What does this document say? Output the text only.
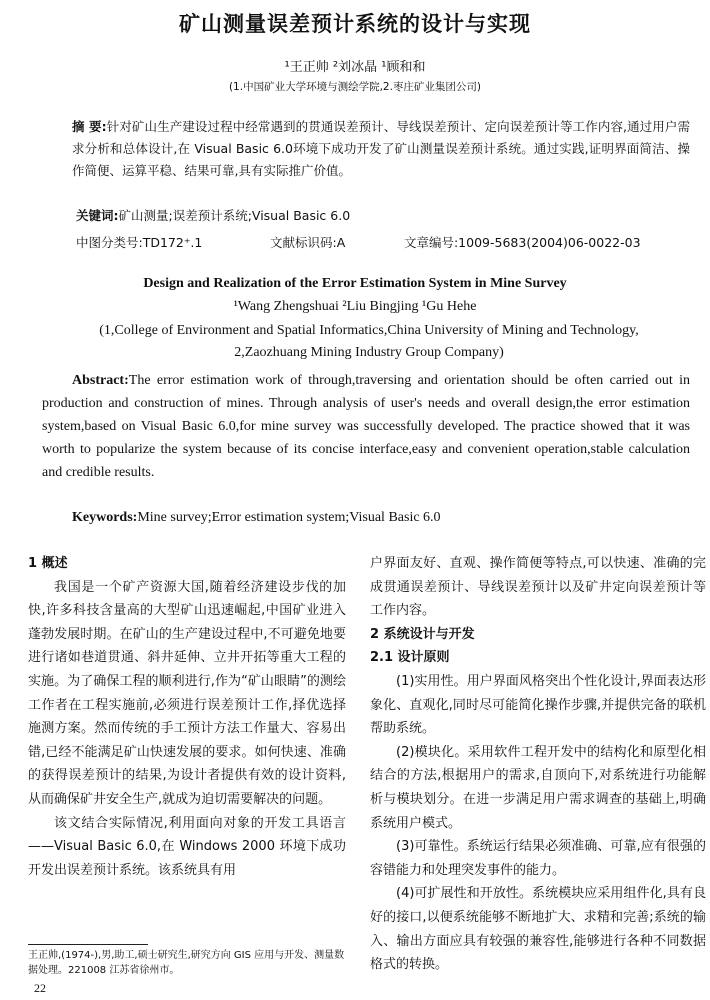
矿山测量误差预计系统的设计与实现
¹王正帅 ²刘冰晶 ¹顾和和
(1.中国矿业大学环境与测绘学院,2.枣庄矿业集团公司)
摘 要:针对矿山生产建设过程中经常遇到的贯通误差预计、导线误差预计、定向误差预计等工作内容,通过用户需求分析和总体设计,在 Visual Basic 6.0环境下成功开发了矿山测量误差预计系统。通过实践,证明界面简洁、操作简便、运算平稳、结果可靠,具有实际推广价值。
关键词:矿山测量;误差预计系统;Visual Basic 6.0
中图分类号:TD172⁺.1	文献标识码:A	文章编号:1009-5683(2004)06-0022-03
Design and Realization of the Error Estimation System in Mine Survey
¹Wang Zhengshuai ²Liu Bingjing ¹Gu Hehe
(1,College of Environment and Spatial Informatics,China University of Mining and Technology,
2,Zaozhuang Mining Industry Group Company)
Abstract:The error estimation work of through,traversing and orientation should be often carried out in production and construction of mines. Through analysis of user's needs and overall design,the error estimation system,based on Visual Basic 6.0,for mine survey was successfully developed. The practice showed that it was worth to popularize the system because of its concise interface,easy and convenient operation,stable calculation and credible results.
Keywords:Mine survey;Error estimation system;Visual Basic 6.0
1 概述

我国是一个矿产资源大国,随着经济建设步伐的加快,许多科技含量高的大型矿山迅速崛起,中国矿业进入蓬勃发展时期。在矿山的生产建设过程中,不可避免地要进行诸如巷道贯通、斜井延伸、立井开拓等重大工程的实施。为了确保工程的顺利进行,作为“矿山眼睛”的测绘工作者在工程实施前,必须进行误差预计工作,择优选择施测方案。然而传统的手工预计方法工作量大、容易出错,已经不能满足矿山快速发展的要求。如何快速、准确的获得误差预计的结果,为设计者提供有效的设计资料,从而确保矿井安全生产,就成为迫切需要解决的问题。

该文结合实际情况,利用面向对象的开发工具语言——Visual Basic 6.0,在 Windows 2000 环境下成功开发出误差预计系统。该系统具有用

户界面友好、直观、操作简便等特点,可以快速、准确的完成贯通误差预计、导线误差预计以及矿井定向误差预计等工作内容。

2 系统设计与开发
2.1 设计原则

(1)实用性。用户界面风格突出个性化设计,界面表达形象化、直观化,同时尽可能简化操作步骤,并提供完备的联机帮助系统。

(2)模块化。采用软件工程开发中的结构化和原型化相结合的方法,根据用户的需求,自顶向下,对系统进行功能解析与模块划分。在进一步满足用户需求调查的基础上,明确系统用户模式。

(3)可靠性。系统运行结果必须准确、可靠,应有很强的容错能力和处理突发事件的能力。

(4)可扩展性和开放性。系统模块应采用组件化,具有良好的接口,以便系统能够不断地扩大、求精和完善;系统的输入、输出方面应具有较强的兼容性,能够进行各种不同数据格式的转换。

王正帅,(1974-),男,助工,硕士研究生,研究方向 GIS 应用与开发、测量数据处理。221008 江苏省徐州市。
22
